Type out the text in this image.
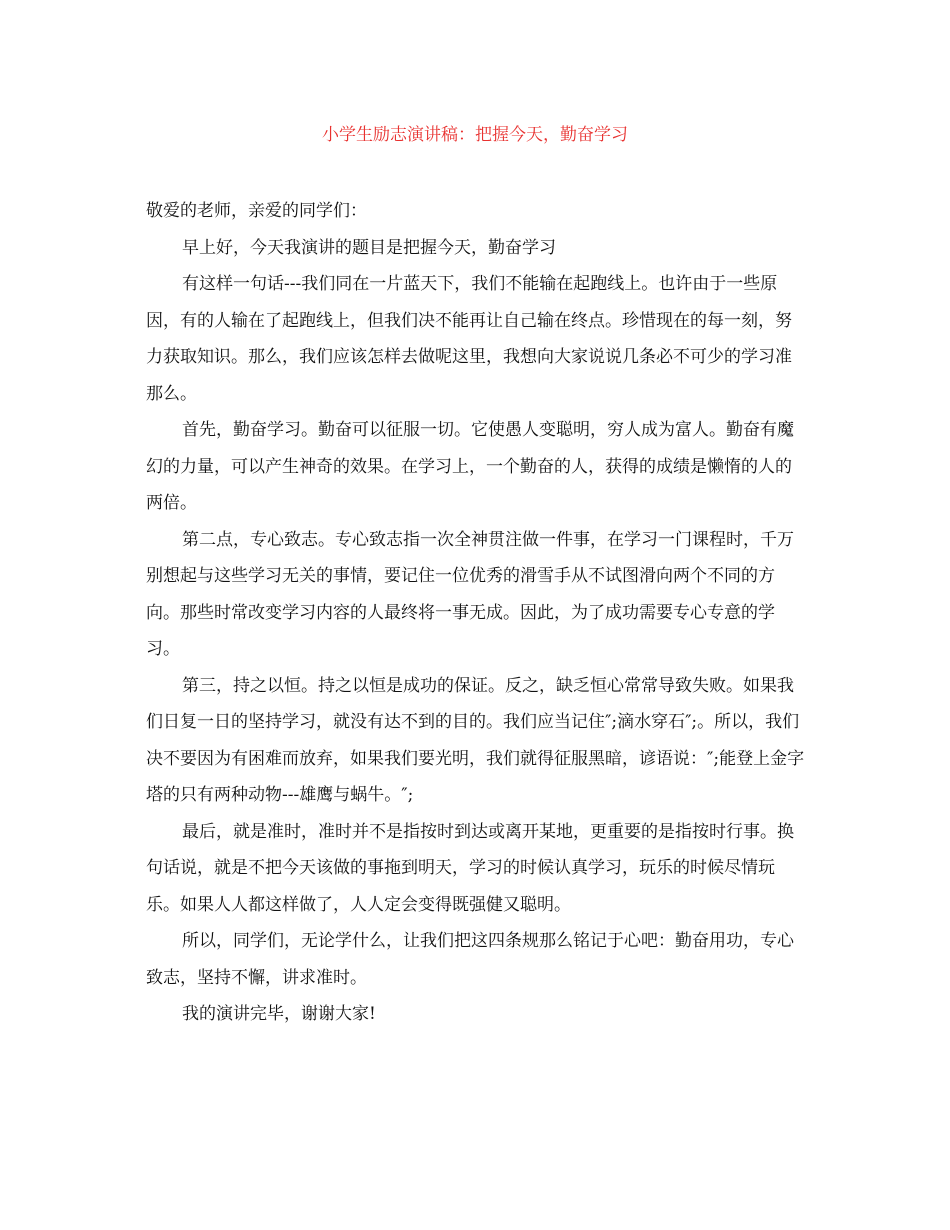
小学生励志演讲稿：把握今天，勤奋学习

敬爱的老师，亲爱的同学们：

早上好，今天我演讲的题目是把握今天，勤奋学习

有这样一句话---我们同在一片蓝天下，我们不能输在起跑线上。也许由于一些原因，有的人输在了起跑线上，但我们决不能再让自己输在终点。珍惜现在的每一刻，努力获取知识。那么，我们应该怎样去做呢这里，我想向大家说说几条必不可少的学习准那么。

首先，勤奋学习。勤奋可以征服一切。它使愚人变聪明，穷人成为富人。勤奋有魔幻的力量，可以产生神奇的效果。在学习上，一个勤奋的人，获得的成绩是懒惰的人的两倍。

第二点，专心致志。专心致志指一次全神贯注做一件事，在学习一门课程时，千万别想起与这些学习无关的事情，要记住一位优秀的滑雪手从不试图滑向两个不同的方向。那些时常改变学习内容的人最终将一事无成。因此，为了成功需要专心专意的学习。

第三，持之以恒。持之以恒是成功的保证。反之，缺乏恒心常常导致失败。如果我们日复一日的坚持学习，就没有达不到的目的。我们应当记住″;滴水穿石″;。所以，我们决不要因为有困难而放弃，如果我们要光明，我们就得征服黑暗，谚语说：″;能登上金字塔的只有两种动物---雄鹰与蜗牛。″;

最后，就是准时，准时并不是指按时到达或离开某地，更重要的是指按时行事。换句话说，就是不把今天该做的事拖到明天，学习的时候认真学习，玩乐的时候尽情玩乐。如果人人都这样做了，人人定会变得既强健又聪明。

所以，同学们，无论学什么，让我们把这四条规那么铭记于心吧：勤奋用功，专心致志，坚持不懈，讲求准时。

我的演讲完毕，谢谢大家!
